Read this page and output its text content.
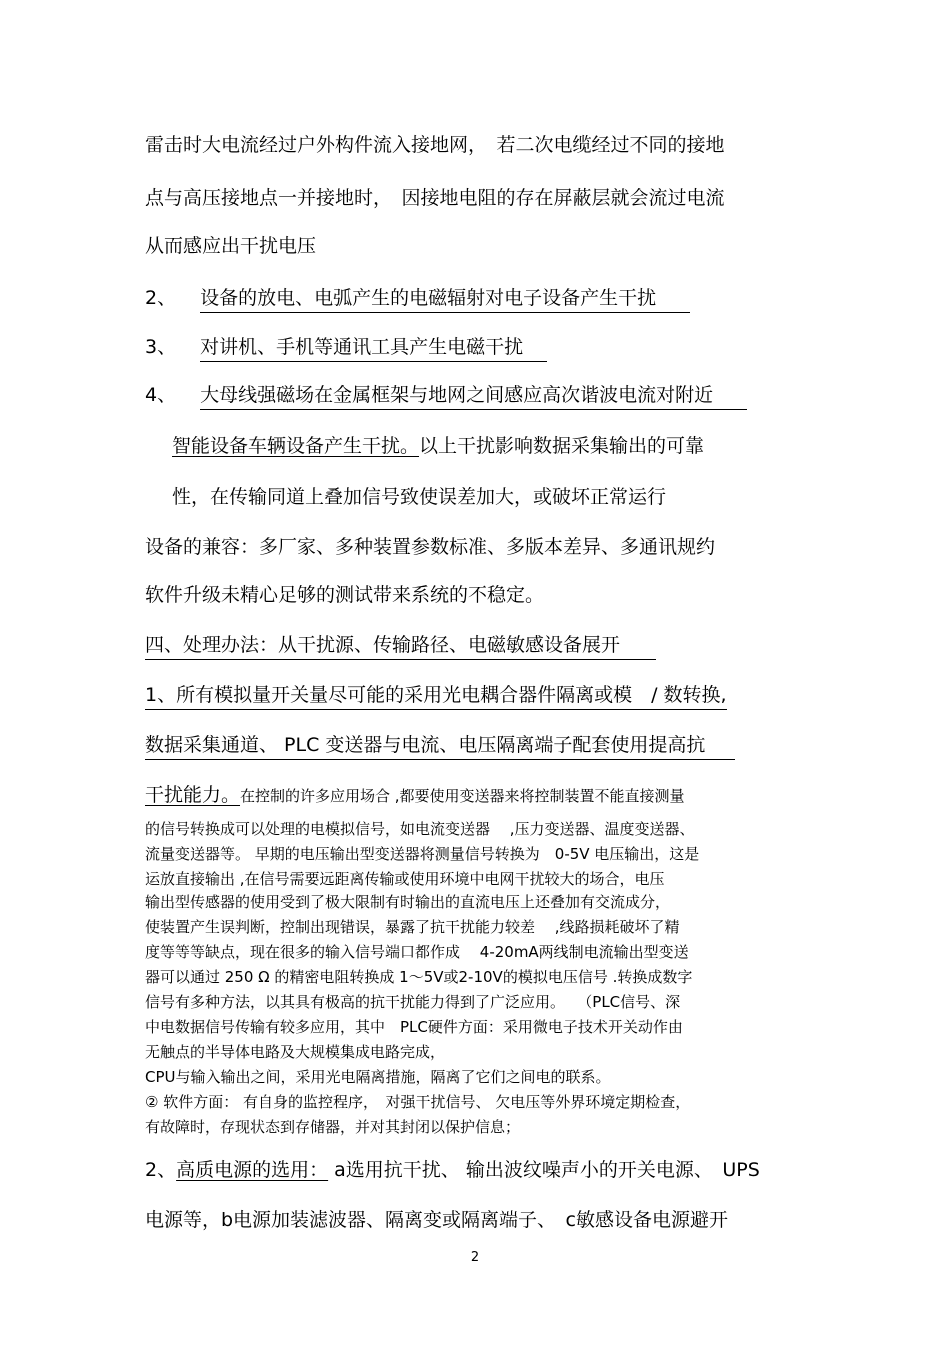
雷击时大电流经过户外构件流入接地网，　若二次电缆经过不同的接地
点与高压接地点一并接地时，　因接地电阻的存在屏蔽层就会流过电流
从而感应出干扰电压
2、 设备的放电、电弧产生的电磁辐射对电子设备产生干扰
3、 对讲机、手机等通讯工具产生电磁干扰
4、 大母线强磁场在金属框架与地网之间感应高次谐波电流对附近
智能设备车辆设备产生干扰。以上干扰影响数据采集输出的可靠
性，在传输同道上叠加信号致使误差加大，或破坏正常运行
设备的兼容：多厂家、多种装置参数标准、多版本差异、多通讯规约
软件升级未精心足够的测试带来系统的不稳定。
四、处理办法：从干扰源、传输路径、电磁敏感设备展开
1、所有模拟量开关量尽可能的采用光电耦合器件隔离或模　/ 数转换,
数据采集通道、 PLC 变送器与电流、电压隔离端子配套使用提高抗
干扰能力。在控制的许多应用场合 ,都要使用变送器来将控制装置不能直接测量
的信号转换成可以处理的电模拟信号，如电流变送器　 ,压力变送器、温度变送器、
流量变送器等。 早期的电压输出型变送器将测量信号转换为　0-5V 电压输出，这是
运放直接输出 ,在信号需要远距离传输或使用环境中电网干扰较大的场合，电压
输出型传感器的使用受到了极大限制有时输出的直流电压上还叠加有交流成分，
使装置产生误判断，控制出现错误，暴露了抗干扰能力较差　 ,线路损耗破坏了精
度等等等缺点，现在很多的输入信号端口都作成　 4-20mA两线制电流输出型变送
器可以通过 250 Ω 的精密电阻转换成 1～5V或2-10V的模拟电压信号 .转换成数字
信号有多种方法，以其具有极高的抗干扰能力得到了广泛应用。　 （PLC信号、深
中电数据信号传输有较多应用，其中　PLC硬件方面：采用微电子技术开关动作由
无触点的半导体电路及大规模集成电路完成，
CPU与输入输出之间，采用光电隔离措施，隔离了它们之间电的联系。
② 软件方面： 有自身的监控程序，　对强干扰信号、 欠电压等外界环境定期检查，
有故障时，存现状态到存储器，并对其封闭以保护信息；
2、高质电源的选用： a选用抗干扰、 输出波纹噪声小的开关电源、　UPS
电源等，b电源加装滤波器、隔离变或隔离端子、　c敏感设备电源避开
2
